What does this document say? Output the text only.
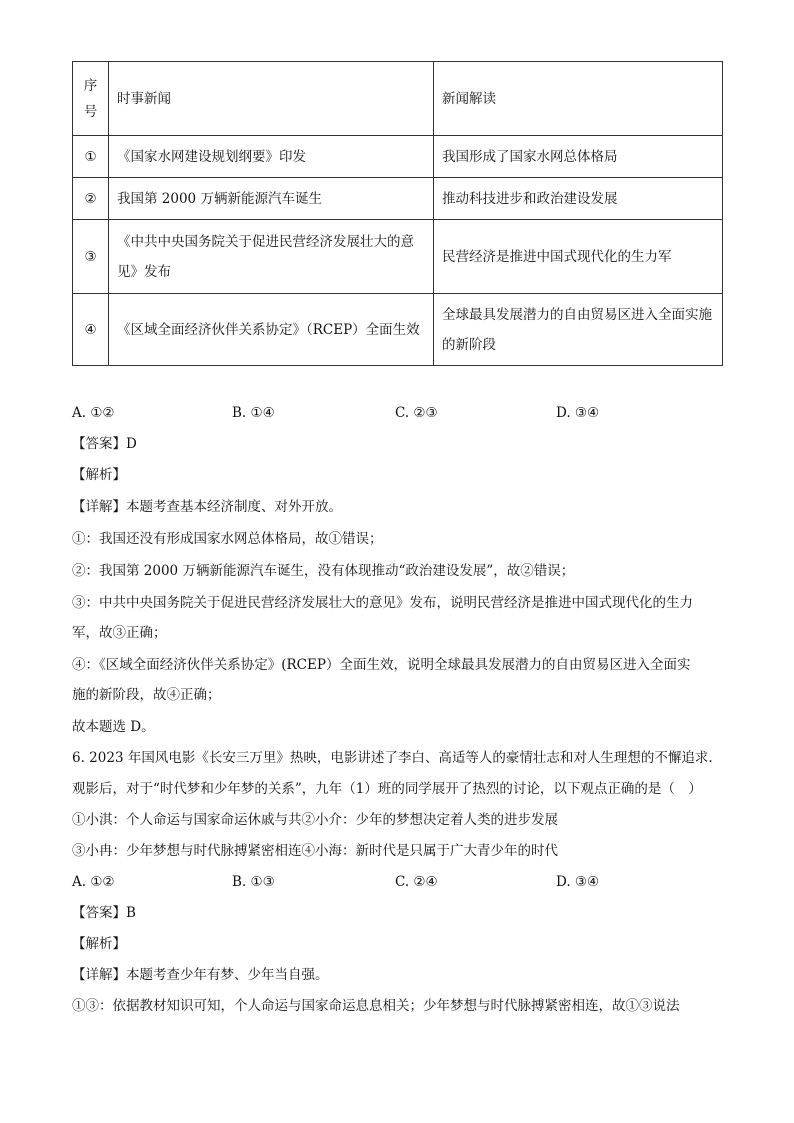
序号	时事新闻	新闻解读
①	《国家水网建设规划纲要》印发	我国形成了国家水网总体格局
②	我国第 2000 万辆新能源汽车诞生	推动科技进步和政治建设发展
③	《中共中央国务院关于促进民营经济发展壮大的意见》发布	民营经济是推进中国式现代化的生力军
④	《区域全面经济伙伴关系协定》（RCEP）全面生效	全球最具发展潜力的自由贸易区进入全面实施的新阶段
A. ①②	B. ①④	C. ②③	D. ③④
【答案】D
【解析】
【详解】本题考查基本经济制度、对外开放。
①：我国还没有形成国家水网总体格局，故①错误；
②：我国第 2000 万辆新能源汽车诞生，没有体现推动“政治建设发展”，故②错误；
③：中共中央国务院关于促进民营经济发展壮大的意见》发布，说明民营经济是推进中国式现代化的生力
军，故③正确；
④：《区域全面经济伙伴关系协定》(RCEP）全面生效，说明全球最具发展潜力的自由贸易区进入全面实
施的新阶段，故④正确；
故本题选 D。
6. 2023 年国风电影《长安三万里》热映，电影讲述了李白、高适等人的豪情壮志和对人生理想的不懈追求.
观影后，对于“时代梦和少年梦的关系”，九年（1）班的同学展开了热烈的讨论，以下观点正确的是（　）
①小淇：个人命运与国家命运休戚与共②小介：少年的梦想决定着人类的进步发展
③小冉：少年梦想与时代脉搏紧密相连④小海：新时代是只属于广大青少年的时代
A. ①②	B. ①③	C. ②④	D. ③④
【答案】B
【解析】
【详解】本题考查少年有梦、少年当自强。
①③：依据教材知识可知，个人命运与国家命运息息相关；少年梦想与时代脉搏紧密相连，故①③说法
